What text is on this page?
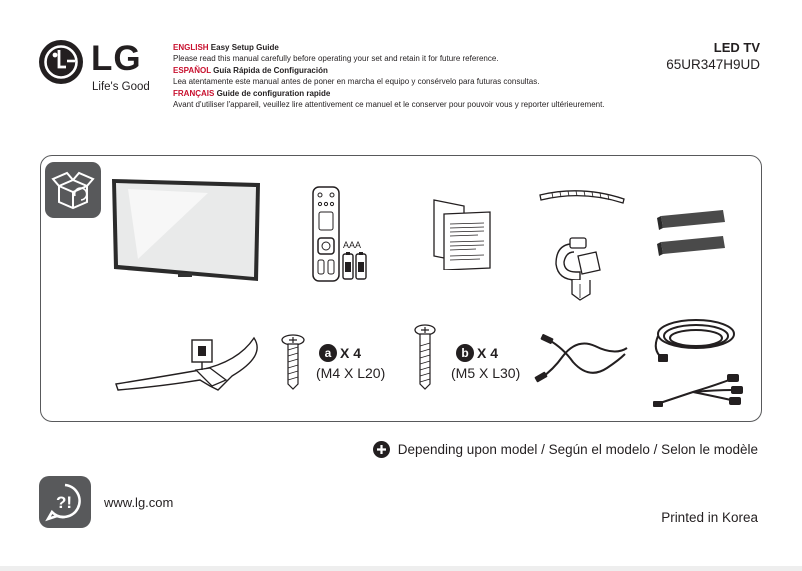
LG
Life's Good
ENGLISH Easy Setup Guide
Please read this manual carefully before operating your set and retain it for future reference.
ESPAÑOL Guía Rápida de Configuración
Lea atentamente este manual antes de poner en marcha el equipo y consérvelo para futuras consultas.
FRANÇAIS Guide de configuration rapide
Avant d'utiliser l'appareil, veuillez lire attentivement ce manuel et le conserver pour pouvoir vous y reporter ultérieurement.
LED TV
65UR347H9UD
AAA
a X 4
(M4 X L20)
b X 4
(M5 X L30)
Depending upon model / Según el modelo / Selon le modèle
?! www.lg.com
Printed in Korea
